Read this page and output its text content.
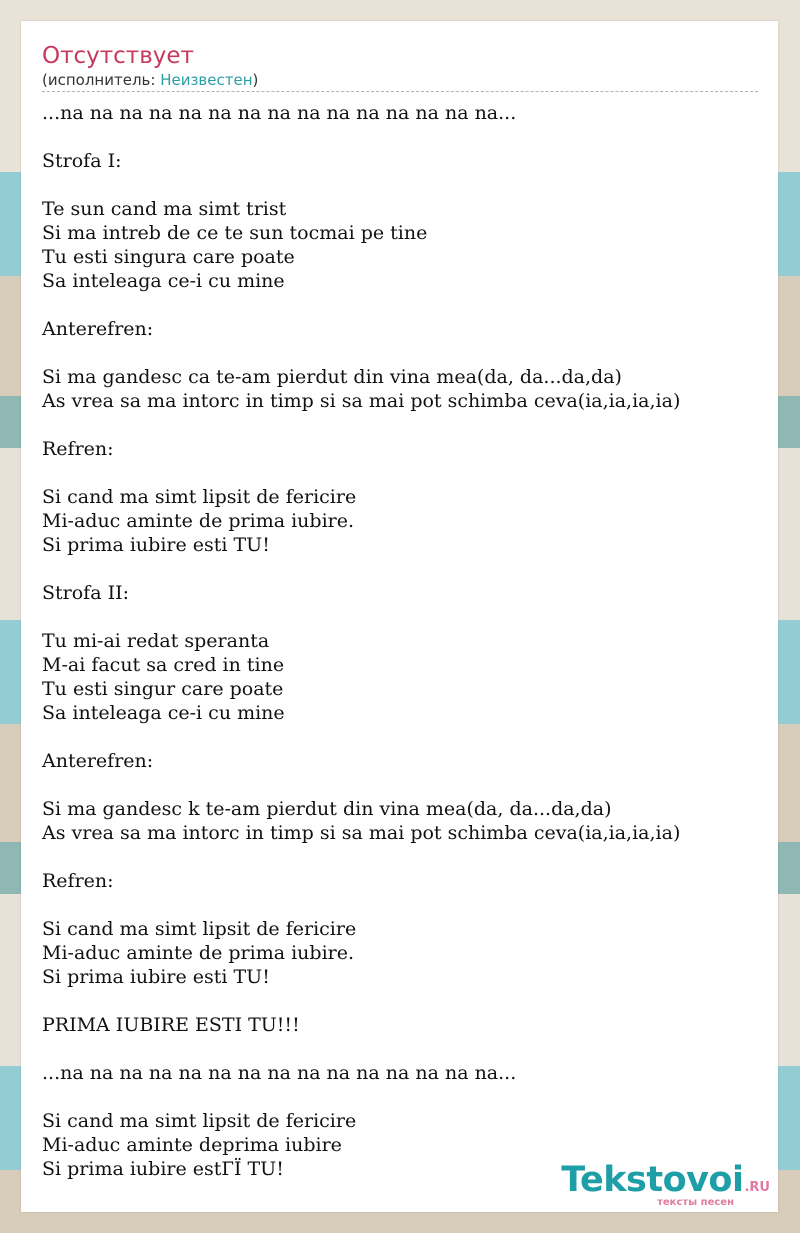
Отсутствует
(исполнитель: Неизвестен)
...na na na na na na na na na na na na na na na...

Strofa I:

Te sun cand ma simt trist
Si ma intreb de ce te sun tocmai pe tine
Tu esti singura care poate
Sa inteleaga ce-i cu mine

Anterefren:

Si ma gandesc ca te-am pierdut din vina mea(da, da...da,da)
As vrea sa ma intorc in timp si sa mai pot schimba ceva(ia,ia,ia,ia)

Refren:

Si cand ma simt lipsit de fericire
Mi-aduc aminte de prima iubire.
Si prima iubire esti TU!

Strofa II:

Tu mi-ai redat speranta
M-ai facut sa cred in tine
Tu esti singur care poate
Sa inteleaga ce-i cu mine

Anterefren:

Si ma gandesc k te-am pierdut din vina mea(da, da...da,da)
As vrea sa ma intorc in timp si sa mai pot schimba ceva(ia,ia,ia,ia)

Refren:

Si cand ma simt lipsit de fericire
Mi-aduc aminte de prima iubire.
Si prima iubire esti TU!

PRIMA IUBIRE ESTI TU!!!

...na na na na na na na na na na na na na na na...

Si cand ma simt lipsit de fericire
Mi-aduc aminte deprima iubire
Si prima iubire estГЇ TU!	Tekstovoi.RU
тексты песен
